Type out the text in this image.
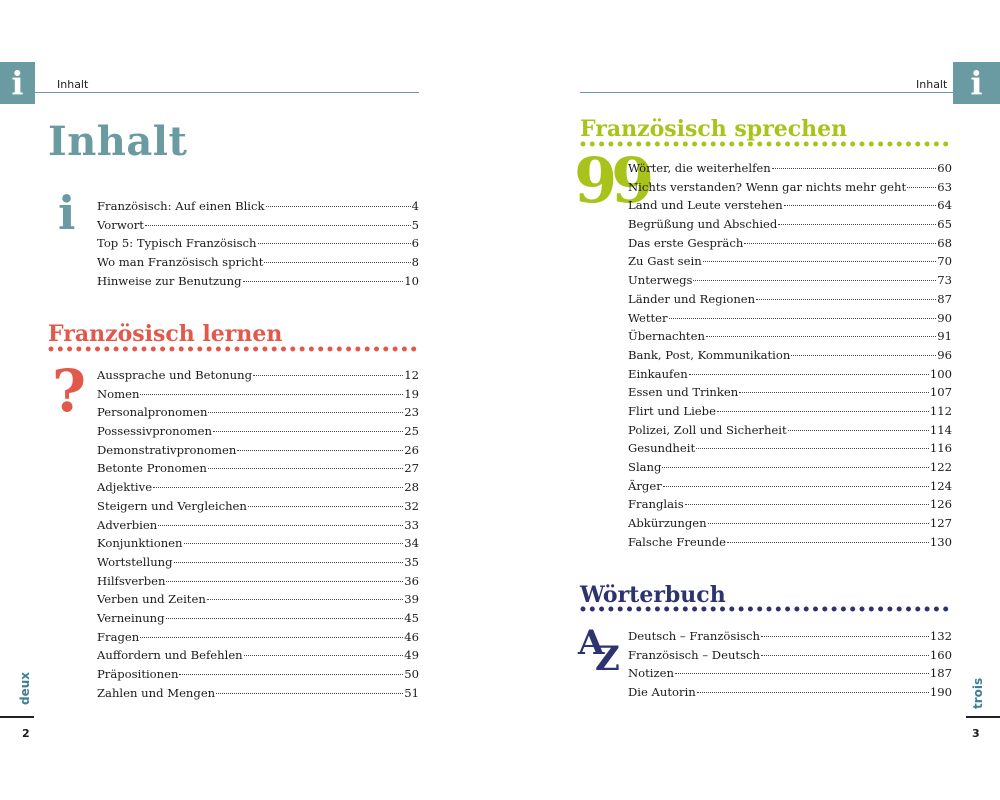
i	Inhalt
Inhalt
i Französisch: Auf einen Blick	4
Vorwort	5
Top 5: Typisch Französisch	6
Wo man Französisch spricht	8
Hinweise zur Benutzung	10
Französisch lernen
? Aussprache und Betonung	12
Nomen	19
Personalpronomen	23
Possessivpronomen	25
Demonstrativpronomen	26
Betonte Pronomen	27
Adjektive	28
Steigern und Vergleichen	32
Adverbien	33
Konjunktionen	34
Wortstellung	35
Hilfsverben	36
Verben und Zeiten	39
Verneinung	45
Fragen	46
Auffordern und Befehlen	49
Präpositionen	50
Zahlen und Mengen	51
deux
2
Inhalt i
Französisch sprechen
99
Wörter, die weiterhelfen	60
Nichts verstanden? Wenn gar nichts mehr geht	63
Land und Leute verstehen	64
Begrüßung und Abschied	65
Das erste Gespräch	68
Zu Gast sein	70
Unterwegs	73
Länder und Regionen	87
Wetter	90
Übernachten	91
Bank, Post, Kommunikation	96
Einkaufen	100
Essen und Trinken	107
Flirt und Liebe	112
Polizei, Zoll und Sicherheit	114
Gesundheit	116
Slang	122
Ärger	124
Franglais	126
Abkürzungen	127
Falsche Freunde	130
Wörterbuch
A
Z
Deutsch – Französisch	132
Französisch – Deutsch	160
Notizen	187
Die Autorin	190 trois
3
